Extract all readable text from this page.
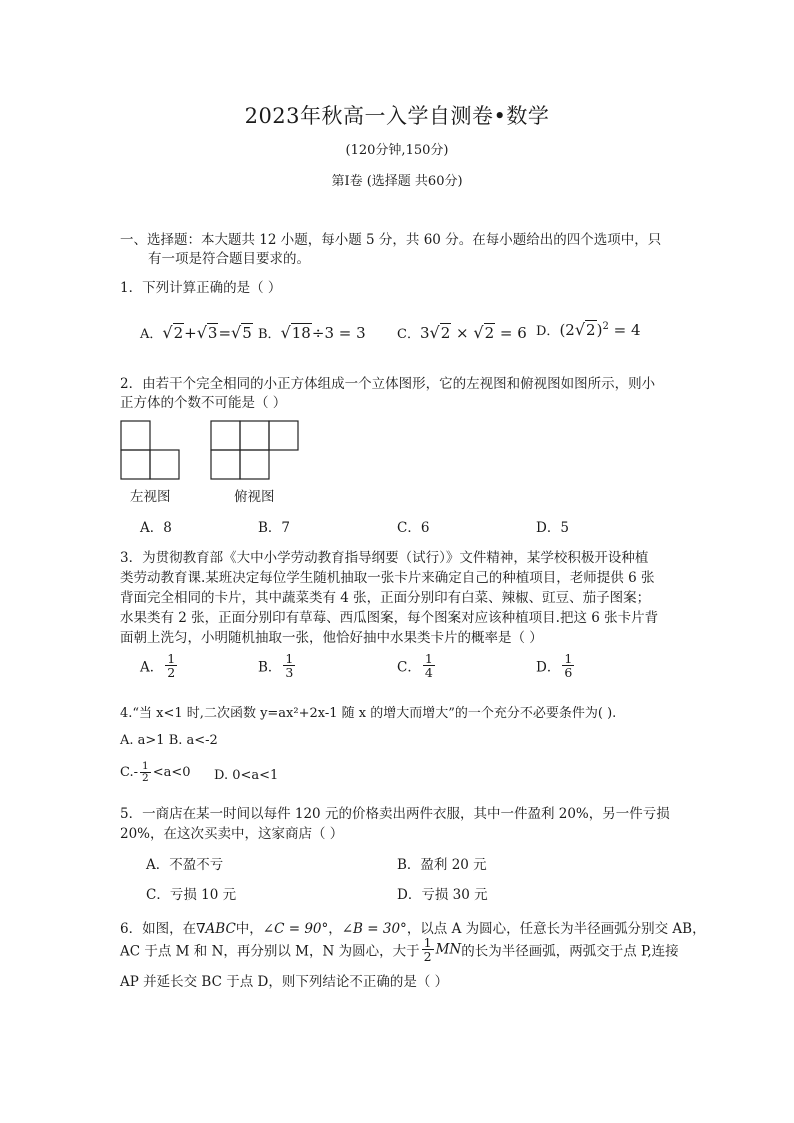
2023年秋高一入学自测卷•数学
(120分钟,150分)
第Ⅰ卷 (选择题 共60分)
一、选择题：本大题共 12 小题，每小题 5 分，共 60 分。在每小题给出的四个选项中，只
有一项是符合题目要求的。
1．下列计算正确的是（ ）
A．√2+√3=√5 B．√18÷3 = 3 C．3√2 × √2 = 6 D．$(2√2)^2 = 4$
2．由若干个完全相同的小正方体组成一个立体图形，它的左视图和俯视图如图所示，则小
正方体的个数不可能是（ ）
左视图	俯视图
A．8	B．7	C．6	D．5
3．为贯彻教育部《大中小学劳动教育指导纲要（试行）》文件精神，某学校积极开设种植
类劳动教育课.某班决定每位学生随机抽取一张卡片来确定自己的种植项目，老师提供 6 张
背面完全相同的卡片，其中蔬菜类有 4 张，正面分别印有白菜、辣椒、豇豆、茄子图案；
水果类有 2 张，正面分别印有草莓、西瓜图案，每个图案对应该种植项目.把这 6 张卡片背
面朝上洗匀，小明随机抽取一张，他恰好抽中水果类卡片的概率是（ ）
A． $\frac{1}{2}$	B． $\frac{1}{3}$	C． $\frac{1}{4}$	D． $\frac{1}{6}$
4.“当 x<1 时,二次函数 y=ax²+2x-1 随 x 的增大而增大”的一个充分不必要条件为( ).
A. a>1 B. a<-2
$C.- \frac{1}{2} <a<0$ D. 0<a<1
5．一商店在某一时间以每件 120 元的价格卖出两件衣服，其中一件盈利 20%，另一件亏损
20%，在这次买卖中，这家商店（ ）
A．不盈不亏	B．盈利 20 元
C．亏损 10 元	D．亏损 30 元
6．如图，在∇ABC中，∠C = 90°，∠B = 30°，以点 A 为圆心，任意长为半径画弧分别交 AB，
AC 于点 M 和 N，再分别以 M，N 为圆心，大于 $\frac{1}{2}$ MN的长为半径画弧，两弧交于点 P,连接
AP 并延长交 BC 于点 D，则下列结论不正确的是（ ）
